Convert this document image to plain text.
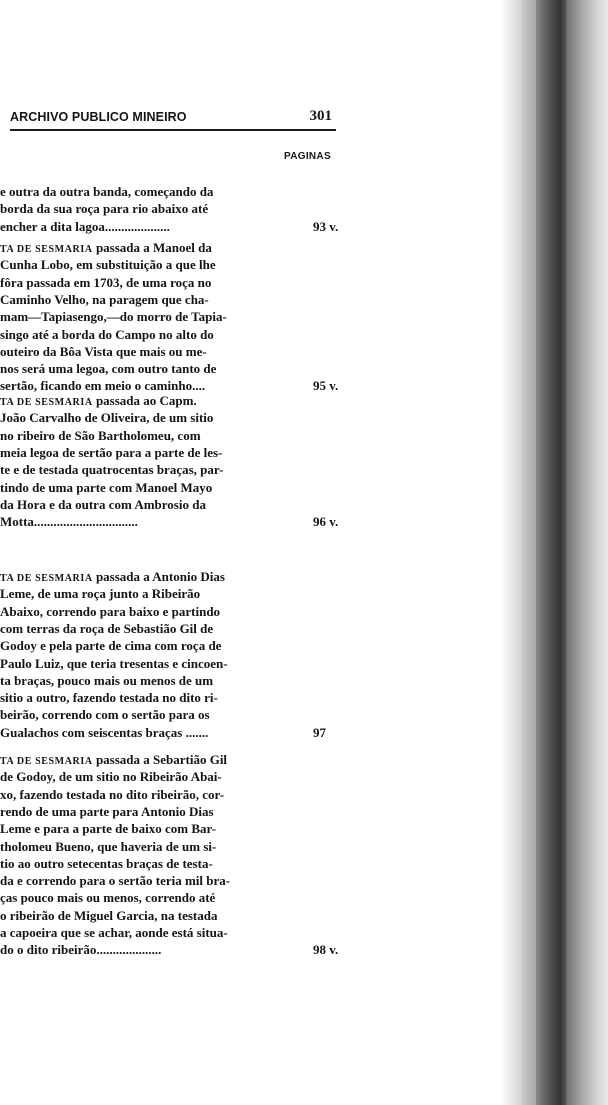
ARCHIVO PUBLICO MINEIRO	301
PAGINAS
e outra da outra banda, começando da
borda da sua roça para rio abaixo até
encher a dita lagoa....................	93 v.
TA DE SESMARIA passada a Manoel da
Cunha Lobo, em substituição a que lhe
fôra passada em 1703, de uma roça no
Caminho Velho, na paragem que cha-
mam—Tapiasengo,—do morro de Tapia-
singo até a borda do Campo no alto do
outeiro da Bôa Vista que mais ou me-
nos será uma legoa, com outro tanto de
sertão, ficando em meio o caminho....	95 v.
TA DE SESMARIA passada ao Capm.
João Carvalho de Oliveira, de um sitio
no ribeiro de São Bartholomeu, com
meia legoa de sertão para a parte de les-
te e de testada quatrocentas braças, par-
tindo de uma parte com Manoel Mayo
da Hora e da outra com Ambrosio da
Motta................................	96 v.
TA DE SESMARIA passada a Antonio Dias
Leme, de uma roça junto a Ribeirão
Abaixo, correndo para baixo e partindo
com terras da roça de Sebastião Gil de
Godoy e pela parte de cima com roça de
Paulo Luiz, que teria tresentas e cincoen-
ta braças, pouco mais ou menos de um
sitio a outro, fazendo testada no dito ri-
beirão, correndo com o sertão para os
Gualachos com seiscentas braças .......	97
TA DE SESMARIA passada a Sebartião Gil
de Godoy, de um sitio no Ribeirão Abai-
xo, fazendo testada no dito ribeirão, cor-
rendo de uma parte para Antonio Dias
Leme e para a parte de baixo com Bar-
tholomeu Bueno, que haveria de um si-
tio ao outro setecentas braças de testa-
da e correndo para o sertão teria mil bra-
ças pouco mais ou menos, correndo até
o ribeirão de Miguel Garcia, na testada
a capoeira que se achar, aonde está situa-
do o dito ribeirão....................	98 v.
